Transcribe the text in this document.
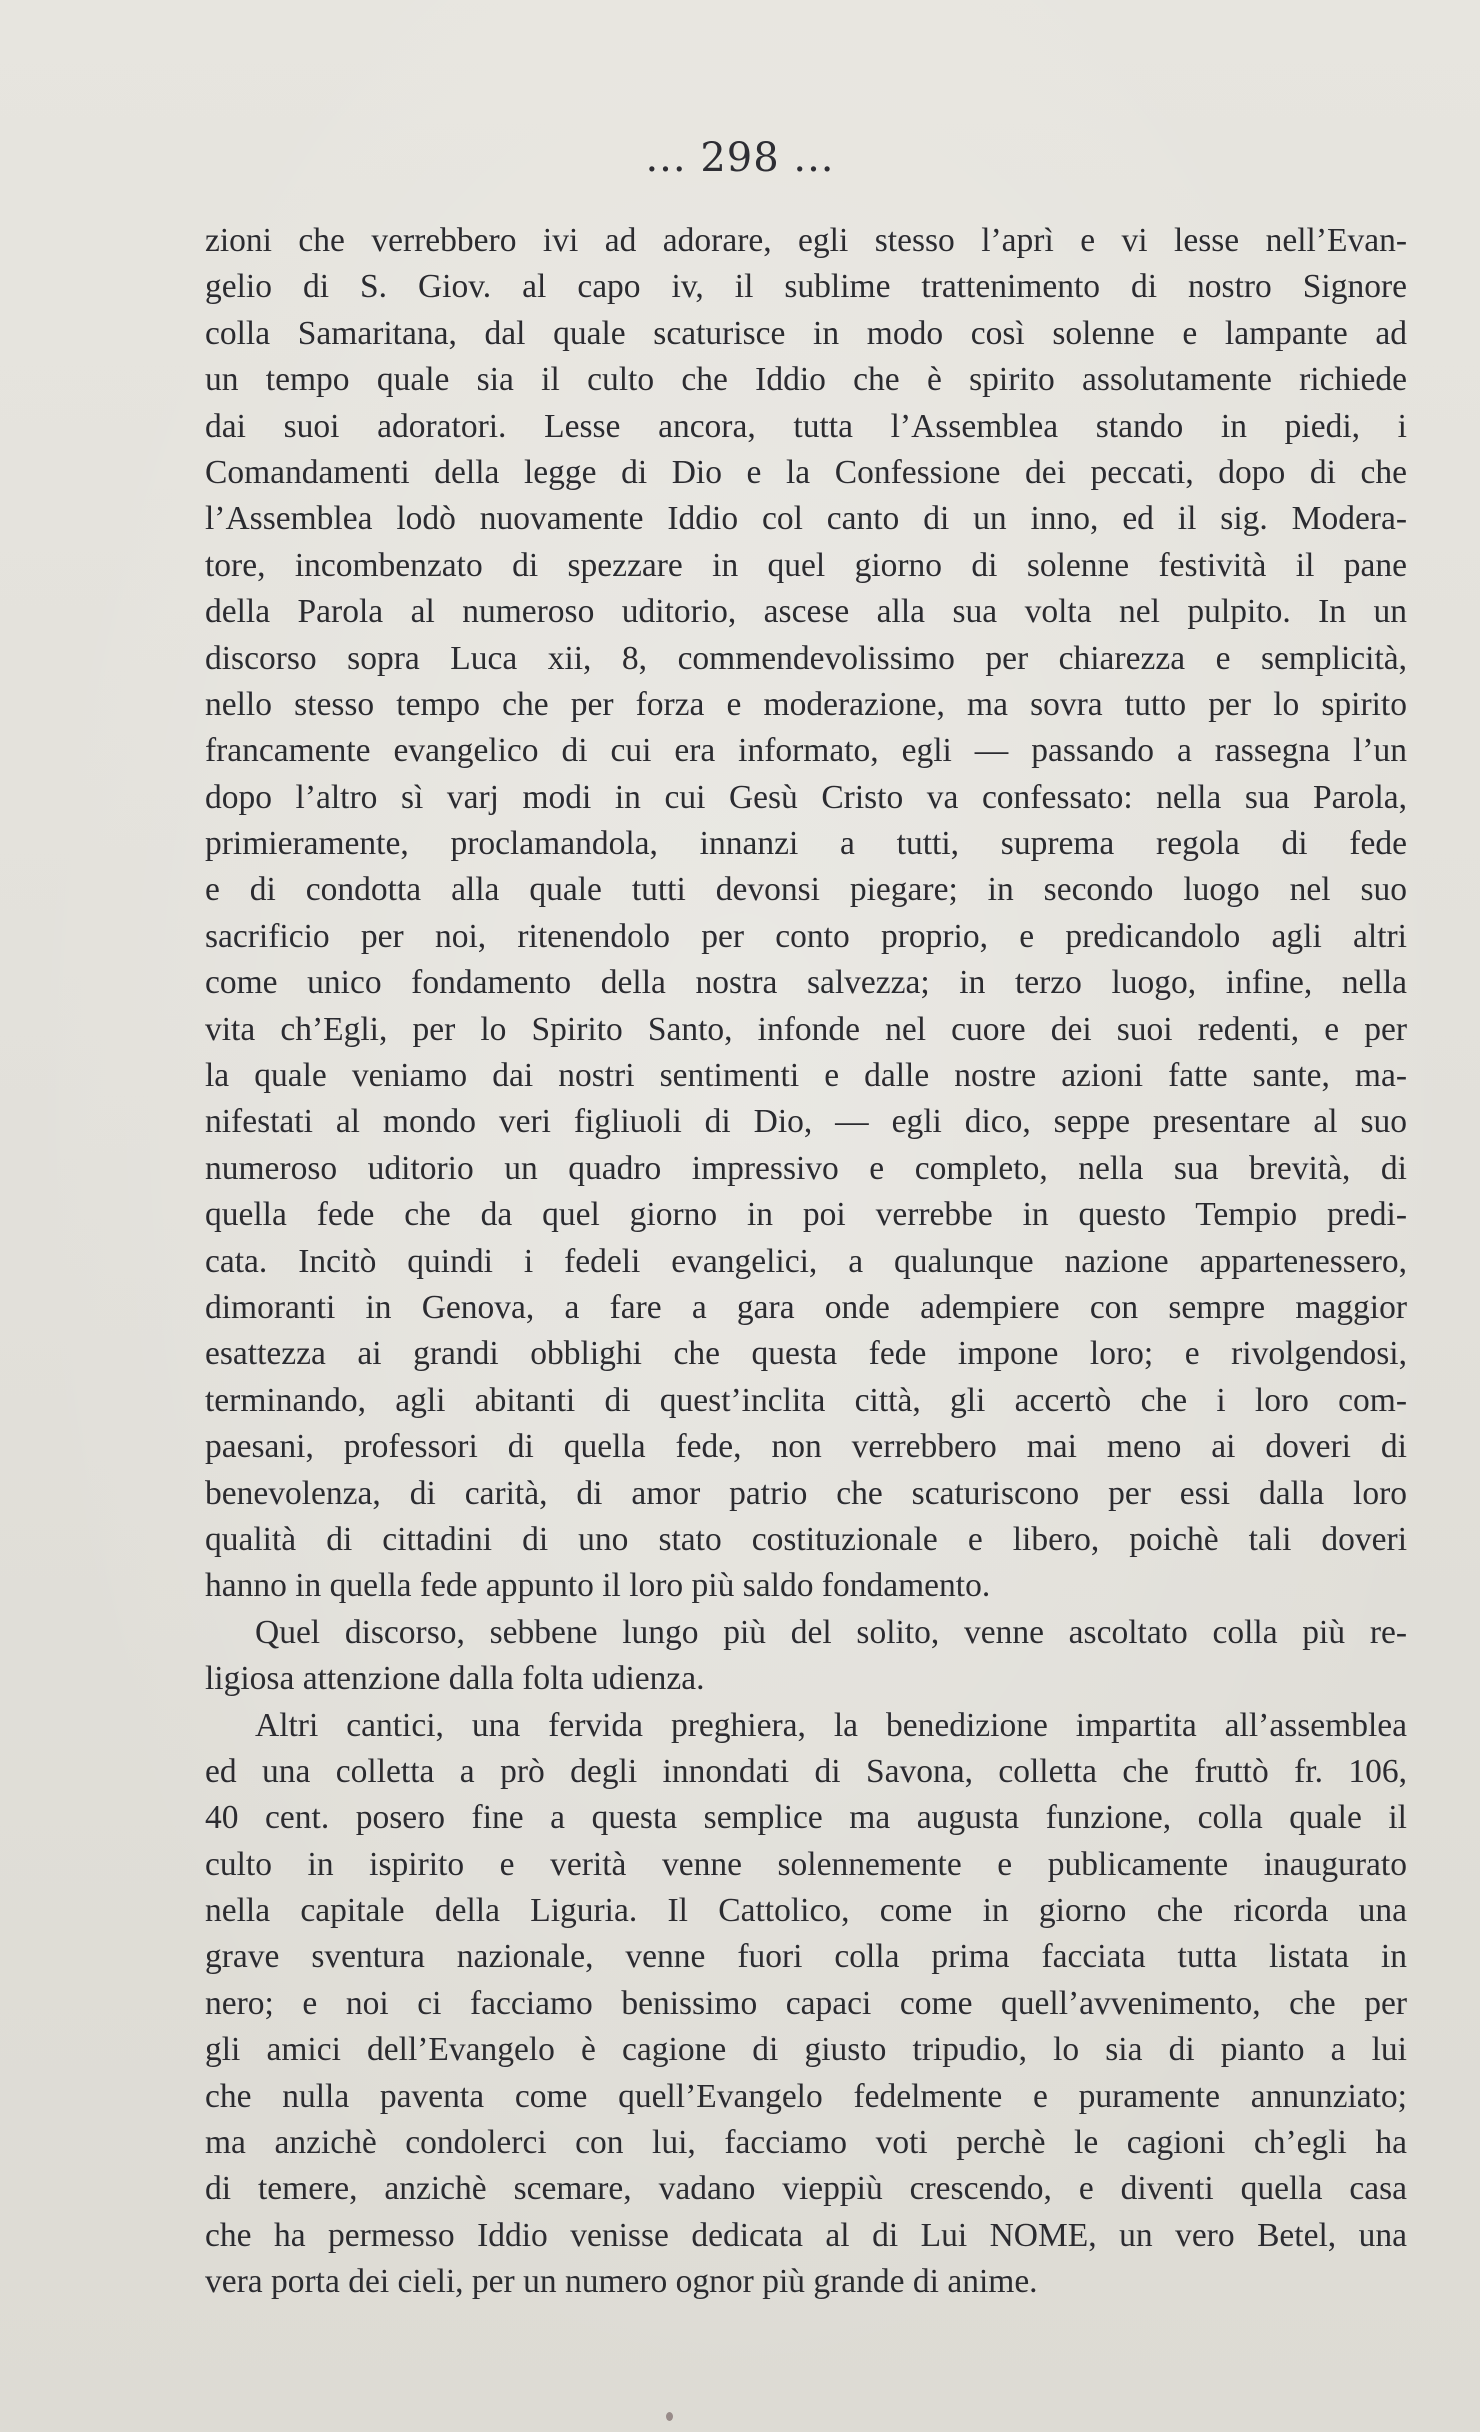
... 298 ...
zioni che verrebbero ivi ad adorare, egli stesso l’aprì e vi lesse nell’Evan-
gelio di S. Giov. al capo iv, il sublime trattenimento di nostro Signore
colla Samaritana, dal quale scaturisce in modo così solenne e lampante ad
un tempo quale sia il culto che Iddio che è spirito assolutamente richiede
dai suoi adoratori. Lesse ancora, tutta l’Assemblea stando in piedi, i
Comandamenti della legge di Dio e la Confessione dei peccati, dopo di che
l’Assemblea lodò nuovamente Iddio col canto di un inno, ed il sig. Modera-
tore, incombenzato di spezzare in quel giorno di solenne festività il pane
della Parola al numeroso uditorio, ascese alla sua volta nel pulpito. In un
discorso sopra Luca xii, 8, commendevolissimo per chiarezza e semplicità,
nello stesso tempo che per forza e moderazione, ma sovra tutto per lo spirito
francamente evangelico di cui era informato, egli — passando a rassegna l’un
dopo l’altro sì varj modi in cui Gesù Cristo va confessato: nella sua Parola,
primieramente, proclamandola, innanzi a tutti, suprema regola di fede
e di condotta alla quale tutti devonsi piegare; in secondo luogo nel suo
sacrificio per noi, ritenendolo per conto proprio, e predicandolo agli altri
come unico fondamento della nostra salvezza; in terzo luogo, infine, nella
vita ch’Egli, per lo Spirito Santo, infonde nel cuore dei suoi redenti, e per
la quale veniamo dai nostri sentimenti e dalle nostre azioni fatte sante, ma-
nifestati al mondo veri figliuoli di Dio, — egli dico, seppe presentare al suo
numeroso uditorio un quadro impressivo e completo, nella sua brevità, di
quella fede che da quel giorno in poi verrebbe in questo Tempio predi-
cata. Incitò quindi i fedeli evangelici, a qualunque nazione appartenessero,
dimoranti in Genova, a fare a gara onde adempiere con sempre maggior
esattezza ai grandi obblighi che questa fede impone loro; e rivolgendosi,
terminando, agli abitanti di quest’inclita città, gli accertò che i loro com-
paesani, professori di quella fede, non verrebbero mai meno ai doveri di
benevolenza, di carità, di amor patrio che scaturiscono per essi dalla loro
qualità di cittadini di uno stato costituzionale e libero, poichè tali doveri
hanno in quella fede appunto il loro più saldo fondamento.
Quel discorso, sebbene lungo più del solito, venne ascoltato colla più re-
ligiosa attenzione dalla folta udienza.
Altri cantici, una fervida preghiera, la benedizione impartita all’assemblea
ed una colletta a prò degli innondati di Savona, colletta che fruttò fr. 106,
40 cent. posero fine a questa semplice ma augusta funzione, colla quale il
culto in ispirito e verità venne solennemente e publicamente inaugurato
nella capitale della Liguria. Il Cattolico, come in giorno che ricorda una
grave sventura nazionale, venne fuori colla prima facciata tutta listata in
nero; e noi ci facciamo benissimo capaci come quell’avvenimento, che per
gli amici dell’Evangelo è cagione di giusto tripudio, lo sia di pianto a lui
che nulla paventa come quell’Evangelo fedelmente e puramente annunziato;
ma anzichè condolerci con lui, facciamo voti perchè le cagioni ch’egli ha
di temere, anzichè scemare, vadano vieppiù crescendo, e diventi quella casa
che ha permesso Iddio venisse dedicata al di Lui NOME, un vero Betel, una
vera porta dei cieli, per un numero ognor più grande di anime.
